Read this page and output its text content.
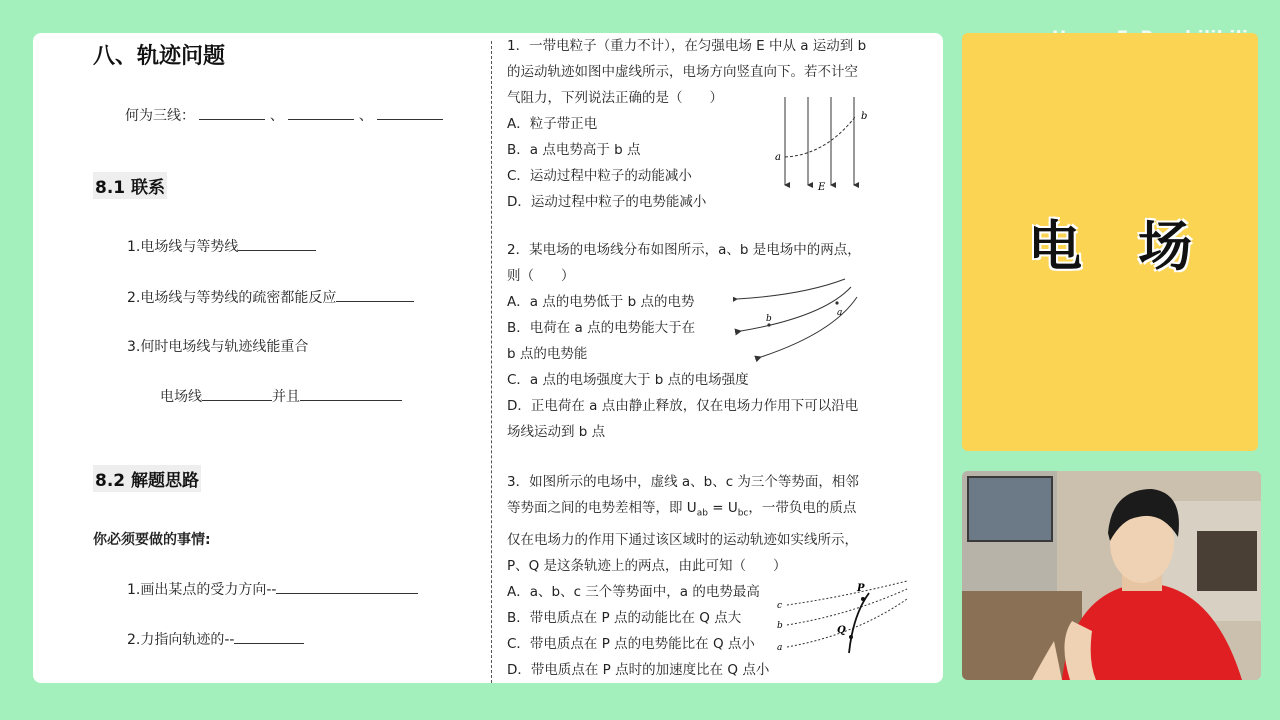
八、轨迹问题
何为三线：	、	、
8.1 联系
1.电场线与等势线
2.电场线与等势线的疏密都能反应
3.何时电场线与轨迹线能重合
电场线	并且
8.2 解题思路
你必须要做的事情:
1.画出某点的受力方向--
2.力指向轨迹的--
1．一带电粒子（重力不计），在匀强电场 E 中从 a 运动到 b
的运动轨迹如图中虚线所示，电场方向竖直向下。若不计空
气阻力，下列说法正确的是（　　）
A．粒子带正电
B．a 点电势高于 b 点
C．运动过程中粒子的动能减小
D．运动过程中粒子的电势能减小
a
b
E
2．某电场的电场线分布如图所示，a、b 是电场中的两点，
则（　　）
A．a 点的电势低于 b 点的电势
B．电荷在 a 点的电势能大于在
b 点的电势能
C．a 点的电场强度大于 b 点的电场强度
D．正电荷在 a 点由静止释放，仅在电场力作用下可以沿电
场线运动到 b 点
b
a
3．如图所示的电场中，虚线 a、b、c 为三个等势面，相邻
等势面之间的电势差相等，即 $U_{ab} = U_{bc}$，一带负电的质点
仅在电场力的作用下通过该区域时的运动轨迹如实线所示，
P、Q 是这条轨迹上的两点，由此可知（　　）
A．a、b、c 三个等势面中，a 的电势最高
B．带电质点在 P 点的动能比在 Q 点大
C．带电质点在 P 点的电势能比在 Q 点小
D．带电质点在 P 点时的加速度比在 Q 点小
c
b
a
P
Q
电场
